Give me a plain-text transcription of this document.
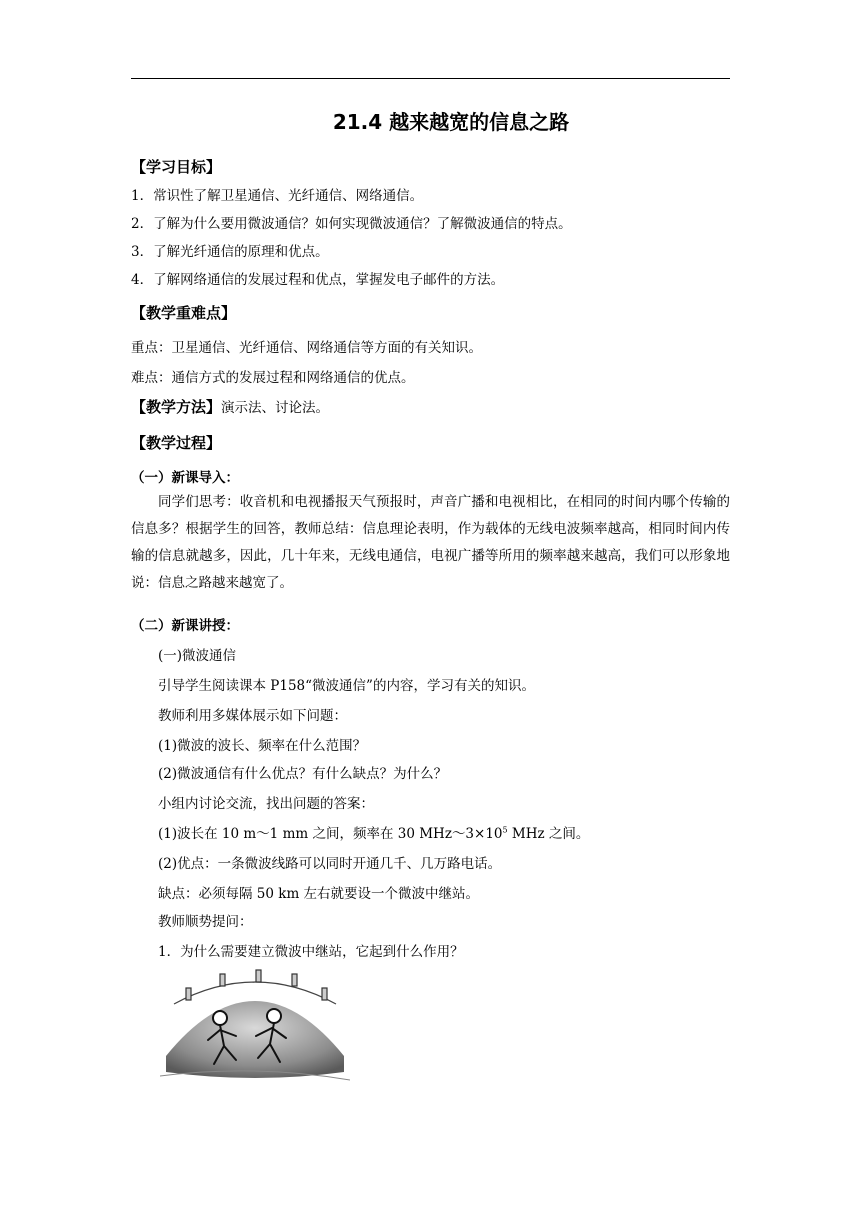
21.4 越来越宽的信息之路
【学习目标】
1．常识性了解卫星通信、光纤通信、网络通信。
2．了解为什么要用微波通信？如何实现微波通信？了解微波通信的特点。
3．了解光纤通信的原理和优点。
4．了解网络通信的发展过程和优点，掌握发电子邮件的方法。
【教学重难点】
重点：卫星通信、光纤通信、网络通信等方面的有关知识。
难点：通信方式的发展过程和网络通信的优点。
【教学方法】演示法、讨论法。
【教学过程】
（一）新课导入：
同学们思考：收音机和电视播报天气预报时，声音广播和电视相比，在相同的时间内哪个传输的信息多？根据学生的回答，教师总结：信息理论表明，作为载体的无线电波频率越高，相同时间内传输的信息就越多，因此，几十年来，无线电通信，电视广播等所用的频率越来越高，我们可以形象地说：信息之路越来越宽了。
（二）新课讲授：
(一)微波通信
引导学生阅读课本 P158“微波通信”的内容，学习有关的知识。
教师利用多媒体展示如下问题：
(1)微波的波长、频率在什么范围？
(2)微波通信有什么优点？有什么缺点？为什么？
小组内讨论交流，找出问题的答案：
(1)波长在 10 m～1 mm 之间，频率在 30 $MHz\sim 3\times 10^5$ MHz 之间。
(2)优点：一条微波线路可以同时开通几千、几万路电话。
缺点：必须每隔 50 km 左右就要设一个微波中继站。
教师顺势提问：
1．为什么需要建立微波中继站，它起到什么作用？
